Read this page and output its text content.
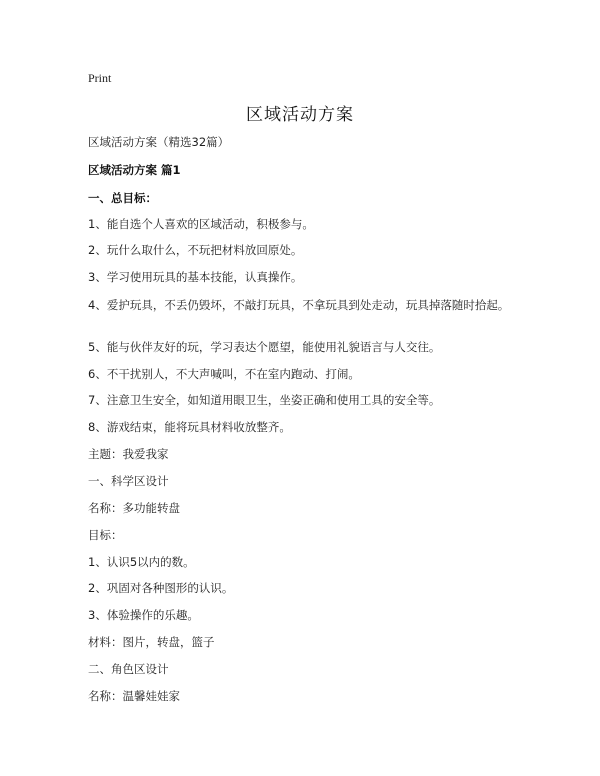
Print
区域活动方案
区域活动方案（精选32篇）
区域活动方案 篇1
一、总目标：
1、能自选个人喜欢的区域活动，积极参与。
2、玩什么取什么，不玩把材料放回原处。
3、学习使用玩具的基本技能，认真操作。
4、爱护玩具，不丢仍毁坏，不敲打玩具，不拿玩具到处走动，玩具掉落随时拾起。
5、能与伙伴友好的玩，学习表达个愿望，能使用礼貌语言与人交往。
6、不干扰别人，不大声喊叫，不在室内跑动、打闹。
7、注意卫生安全，如知道用眼卫生，坐姿正确和使用工具的安全等。
8、游戏结束，能将玩具材料收放整齐。
主题：我爱我家
一、科学区设计
名称：多功能转盘
目标：
1、认识5以内的数。
2、巩固对各种图形的认识。
3、体验操作的乐趣。
材料：图片，转盘，篮子
二、角色区设计
名称：温馨娃娃家
